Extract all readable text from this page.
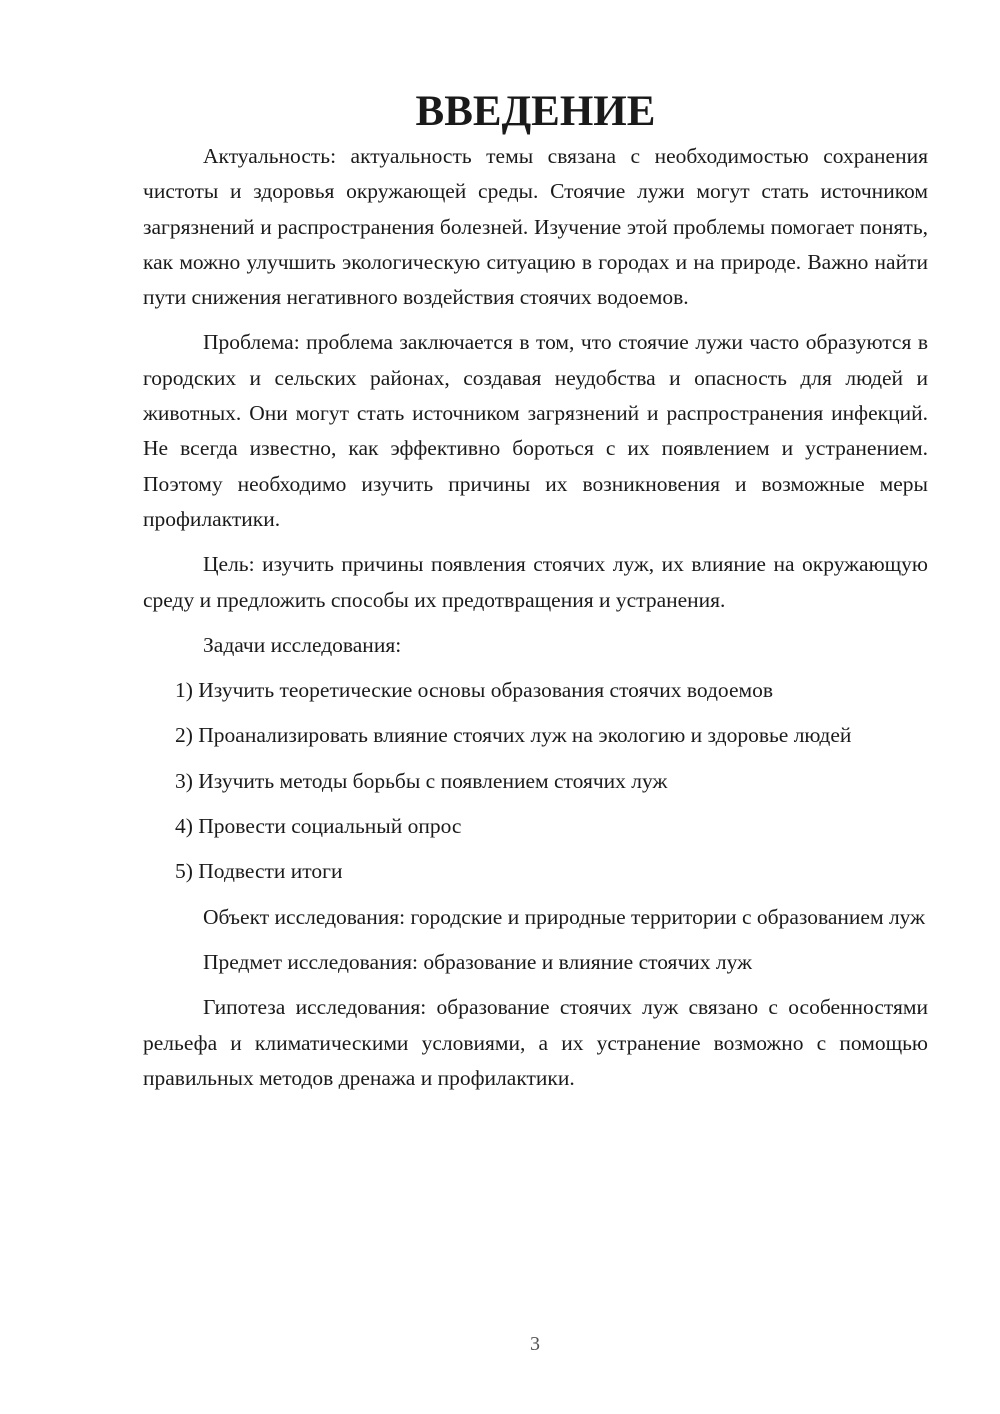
ВВЕДЕНИЕ

Актуальность: актуальность темы связана с необходимостью сохранения чистоты и здоровья окружающей среды. Стоячие лужи могут стать источником загрязнений и распространения болезней. Изучение этой проблемы помогает понять, как можно улучшить экологическую ситуацию в городах и на природе. Важно найти пути снижения негативного воздействия стоячих водоемов.

Проблема: проблема заключается в том, что стоячие лужи часто образуются в городских и сельских районах, создавая неудобства и опасность для людей и животных. Они могут стать источником загрязнений и распространения инфекций. Не всегда известно, как эффективно бороться с их появлением и устранением. Поэтому необходимо изучить причины их возникновения и возможные меры профилактики.

Цель: изучить причины появления стоячих луж, их влияние на окружающую среду и предложить способы их предотвращения и устранения.

Задачи исследования:

1) Изучить теоретические основы образования стоячих водоемов

2) Проанализировать влияние стоячих луж на экологию и здоровье людей

3) Изучить методы борьбы с появлением стоячих луж

4) Провести социальный опрос

5) Подвести итоги

Объект исследования: городские и природные территории с образованием луж

Предмет исследования: образование и влияние стоячих луж

Гипотеза исследования: образование стоячих луж связано с особенностями рельефа и климатическими условиями, а их устранение возможно с помощью правильных методов дренажа и профилактики.

3
